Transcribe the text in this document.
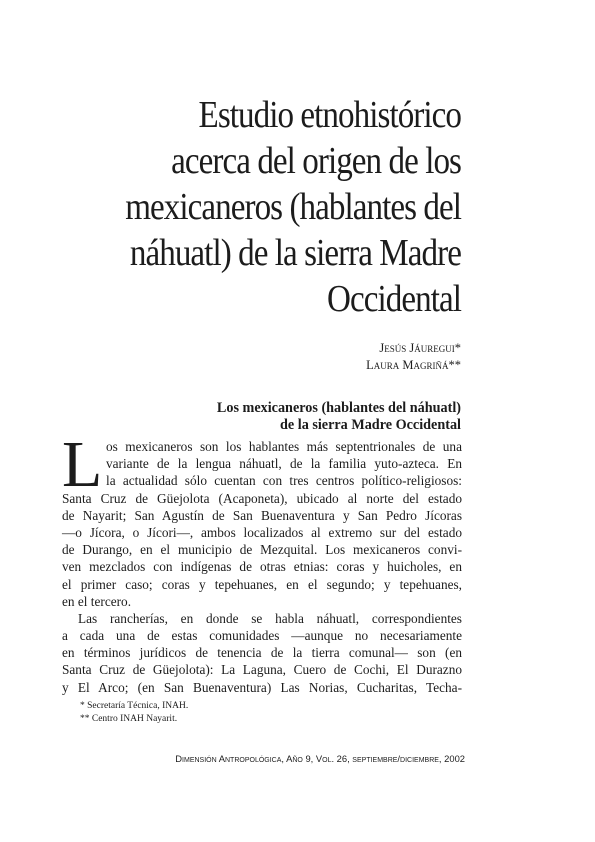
Estudio etnohistórico
acerca del origen de los
mexicaneros (hablantes del
náhuatl) de la sierra Madre
Occidental
Jesús Jáuregui*
Laura Magriñá**
Los mexicaneros (hablantes del náhuatl)
de la sierra Madre Occidental
L os mexicaneros son los hablantes más septentrionales de una
variante de la lengua náhuatl, de la familia yuto-azteca. En
la actualidad sólo cuentan con tres centros político-religiosos:
Santa Cruz de Güejolota (Acaponeta), ubicado al norte del estado
de Nayarit; San Agustín de San Buenaventura y San Pedro Jícoras
—o Jícora, o Jícori—, ambos localizados al extremo sur del estado
de Durango, en el municipio de Mezquital. Los mexicaneros convi-
ven mezclados con indígenas de otras etnias: coras y huicholes, en
el primer caso; coras y tepehuanes, en el segundo; y tepehuanes,
en el tercero.
Las rancherías, en donde se habla náhuatl, correspondientes
a cada una de estas comunidades —aunque no necesariamente
en términos jurídicos de tenencia de la tierra comunal— son (en
Santa Cruz de Güejolota): La Laguna, Cuero de Cochi, El Durazno
y El Arco; (en San Buenaventura) Las Norias, Cucharitas, Techa-
* Secretaría Técnica, INAH.
** Centro INAH Nayarit.
Dimensión Antropológica, Año 9, Vol. 26, septiembre/diciembre, 2002
